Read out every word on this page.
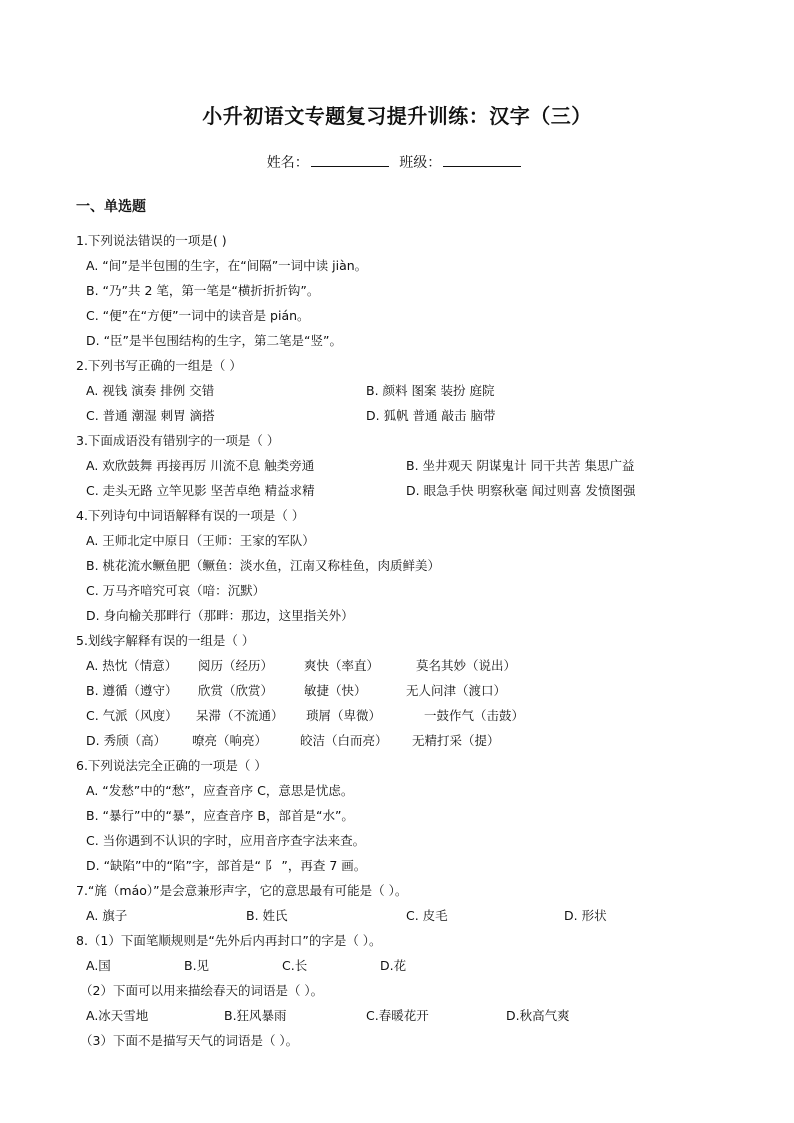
小升初语文专题复习提升训练：汉字（三）
姓名：	班级：
一、单选题
1.下列说法错误的一项是( )
A. “间”是半包围的生字，在“间隔”一词中读 jiàn。
B. “乃”共 2 笔，第一笔是“横折折折钩”。
C. “便”在“方便”一词中的读音是 pián。
D. “臣”是半包围结构的生字，第二笔是“竖”。
2.下列书写正确的一组是（ ）
A. 视钱 演奏 排例 交错	B. 颜料 图案 装扮 庭院
C. 普通 潮湿 刺胃 滴搭	D. 狐帆 普通 敲击 脑带
3.下面成语没有错别字的一项是（ ）
A. 欢欣鼓舞 再接再厉 川流不息 触类旁通	B. 坐井观天 阴谋鬼计 同干共苦 集思广益
C. 走头无路 立竿见影 坚苦卓绝 精益求精	D. 眼急手快 明察秋毫 闻过则喜 发愤图强
4.下列诗句中词语解释有误的一项是（ ）
A. 王师北定中原日（王师：王家的军队）
B. 桃花流水鳜鱼肥（鳜鱼：淡水鱼，江南又称桂鱼，肉质鲜美）
C. 万马齐喑究可哀（喑：沉默）
D. 身向榆关那畔行（那畔：那边，这里指关外）
5.划线字解释有误的一组是（ ）
A. 热忱（情意） 阅历（经历） 爽快（率直）	莫名其妙（说出）
B. 遵循（遵守） 欣赏（欣赏） 敏捷（快）	无人问津（渡口）
C. 气派（风度） 呆滞（不流通） 琐屑（卑微）	一鼓作气（击鼓）
D. 秀颀（高） 嘹亮（响亮）	皎洁（白而亮） 无精打采（提）
6.下列说法完全正确的一项是（ ）
A. “发愁”中的“愁”，应查音序 C，意思是忧虑。
B. “暴行”中的“暴”，应查音序 B，部首是“水”。
C. 当你遇到不认识的字时，应用音序查字法来查。
D. “缺陷”中的“陷”字，部首是“ 阝 ”，再查 7 画。
7.“旄（máo）”是会意兼形声字，它的意思最有可能是（ ）。
A. 旗子	B. 姓氏	C. 皮毛	D. 形状
8.（1）下面笔顺规则是“先外后内再封口”的字是（ ）。
A.国	B.见	C.长	D.花
（2）下面可以用来描绘春天的词语是（ ）。
A.冰天雪地	B.狂风暴雨	C.春暖花开	D.秋高气爽
（3）下面不是描写天气的词语是（ ）。
